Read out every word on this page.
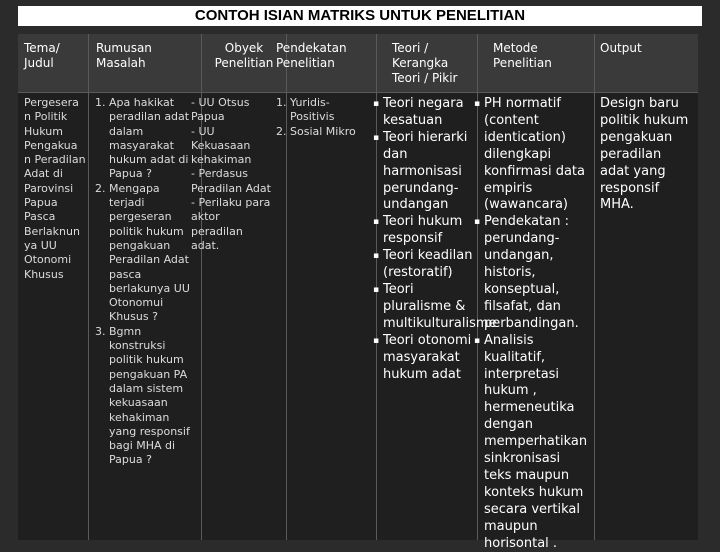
CONTOH ISIAN MATRIKS UNTUK PENELITIAN
Tema/ Judul
Rumusan Masalah
Obyek Penelitian
Pendekatan Penelitian
Teori / Kerangka Teori / Pikir
Metode Penelitian
Output
Pergesera n Politik Hukum Pengakua n Peradilan Adat di Parovinsi Papua Pasca Berlaknun ya UU Otonomi Khusus
1. Apa hakikat peradilan adat dalam masyarakat hukum adat di Papua ?
2. Mengapa terjadi pergeseran politik hukum pengakuan Peradilan Adat pasca berlakunya UU Otonomui Khusus ?
3. Bgmn konstruksi politik hukum pengakuan PA dalam sistem kekuasaan kehakiman yang responsif bagi MHA di Papua ?
- UU Otsus Papua
- UU Kekuasaan kehakiman
- Perdasus Peradilan Adat
- Perilaku para aktor peradilan adat.
1. Yuridis-Positivis
2. Sosial Mikro
▪ Teori negara kesatuan
▪ Teori hierarki dan harmonisasi perundang-undangan
▪ Teori hukum responsif
▪ Teori keadilan (restoratif)
▪ Teori pluralisme & multikulturalisme
▪ Teori otonomi masyarakat hukum adat
▪ PH normatif (content identication) dilengkapi konfirmasi data empiris (wawancara)
▪ Pendekatan : perundang-undangan, historis, konseptual, filsafat, dan perbandingan.
▪ Analisis kualitatif, interpretasi hukum , hermeneutika dengan memperhatikan sinkronisasi teks maupun konteks hukum secara vertikal maupun horisontal .
Design baru politik hukum pengakuan peradilan adat yang responsif MHA.
